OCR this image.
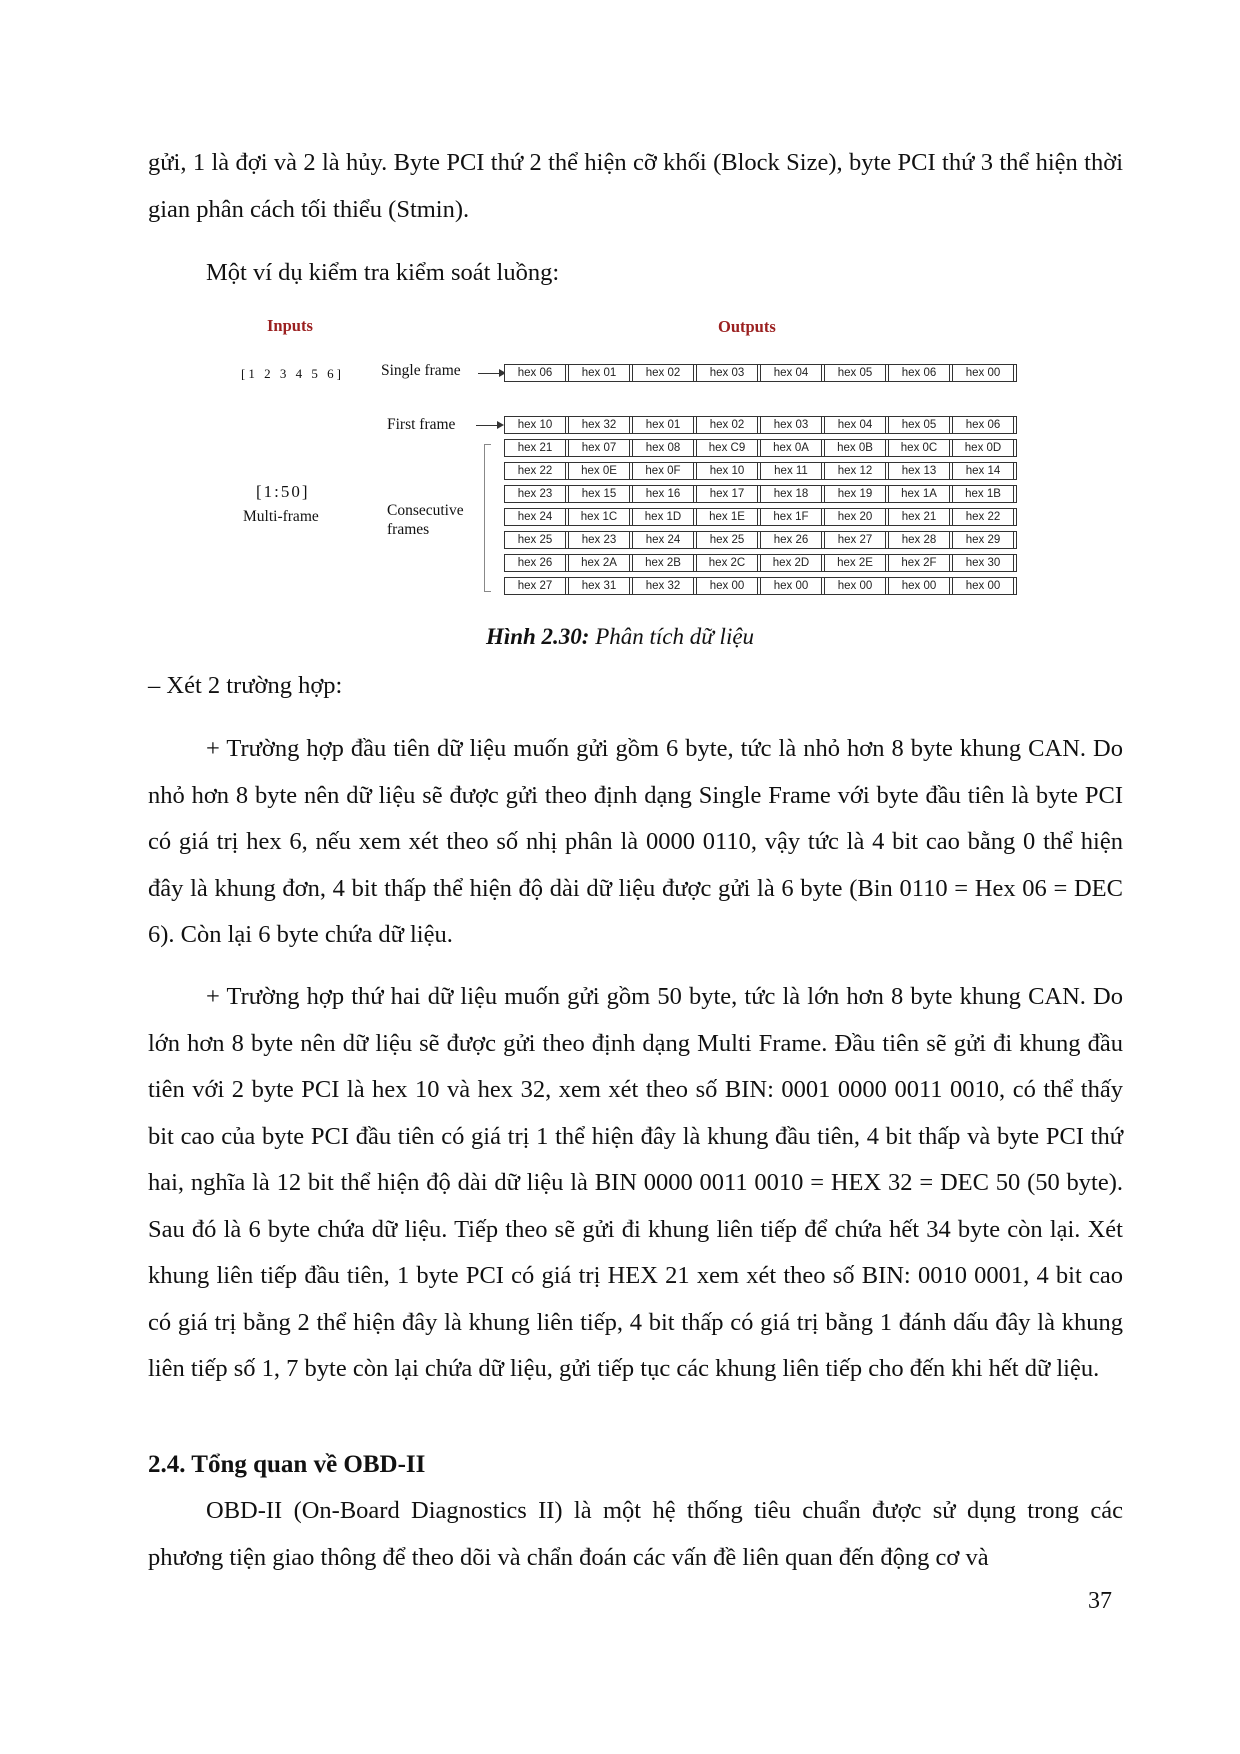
gửi, 1 là đợi và 2 là hủy. Byte PCI thứ 2 thể hiện cỡ khối (Block Size), byte PCI thứ 3 thể hiện thời gian phân cách tối thiểu (Stmin).

Một ví dụ kiểm tra kiểm soát luồng:

Inputs	Outputs
[1 2 3 4 5 6]
[1:50]
Multi-frame
Single frame
First frame
Consecutive
frames
hex 06	hex 01	hex 02	hex 03	hex 04	hex 05	hex 06	hex 00
hex 10	hex 32	hex 01	hex 02	hex 03	hex 04	hex 05	hex 06
hex 21	hex 07	hex 08	hex C9	hex 0A	hex 0B	hex 0C	hex 0D
hex 22	hex 0E	hex 0F	hex 10	hex 11	hex 12	hex 13	hex 14
hex 23	hex 15	hex 16	hex 17	hex 18	hex 19	hex 1A	hex 1B
hex 24	hex 1C	hex 1D	hex 1E	hex 1F	hex 20	hex 21	hex 22
hex 25	hex 23	hex 24	hex 25	hex 26	hex 27	hex 28	hex 29
hex 26	hex 2A	hex 2B	hex 2C	hex 2D	hex 2E	hex 2F	hex 30
hex 27	hex 31	hex 32	hex 00	hex 00	hex 00	hex 00	hex 00

Hình 2.30: Phân tích dữ liệu

– Xét 2 trường hợp:

+ Trường hợp đầu tiên dữ liệu muốn gửi gồm 6 byte, tức là nhỏ hơn 8 byte khung CAN. Do nhỏ hơn 8 byte nên dữ liệu sẽ được gửi theo định dạng Single Frame với byte đầu tiên là byte PCI có giá trị hex 6, nếu xem xét theo số nhị phân là 0000 0110, vậy tức là 4 bit cao bằng 0 thể hiện đây là khung đơn, 4 bit thấp thể hiện độ dài dữ liệu được gửi là 6 byte (Bin 0110 = Hex 06 = DEC 6). Còn lại 6 byte chứa dữ liệu.

+ Trường hợp thứ hai dữ liệu muốn gửi gồm 50 byte, tức là lớn hơn 8 byte khung CAN. Do lớn hơn 8 byte nên dữ liệu sẽ được gửi theo định dạng Multi Frame. Đầu tiên sẽ gửi đi khung đầu tiên với 2 byte PCI là hex 10 và hex 32, xem xét theo số BIN: 0001 0000 0011 0010, có thể thấy bit cao của byte PCI đầu tiên có giá trị 1 thể hiện đây là khung đầu tiên, 4 bit thấp và byte PCI thứ hai, nghĩa là 12 bit thể hiện độ dài dữ liệu là BIN 0000 0011 0010 = HEX 32 = DEC 50 (50 byte). Sau đó là 6 byte chứa dữ liệu. Tiếp theo sẽ gửi đi khung liên tiếp để chứa hết 34 byte còn lại. Xét khung liên tiếp đầu tiên, 1 byte PCI có giá trị HEX 21 xem xét theo số BIN: 0010 0001, 4 bit cao có giá trị bằng 2 thể hiện đây là khung liên tiếp, 4 bit thấp có giá trị bằng 1 đánh dấu đây là khung liên tiếp số 1, 7 byte còn lại chứa dữ liệu, gửi tiếp tục các khung liên tiếp cho đến khi hết dữ liệu.

2.4. Tổng quan về OBD-II

OBD-II (On-Board Diagnostics II) là một hệ thống tiêu chuẩn được sử dụng trong các phương tiện giao thông để theo dõi và chẩn đoán các vấn đề liên quan đến động cơ và

37
